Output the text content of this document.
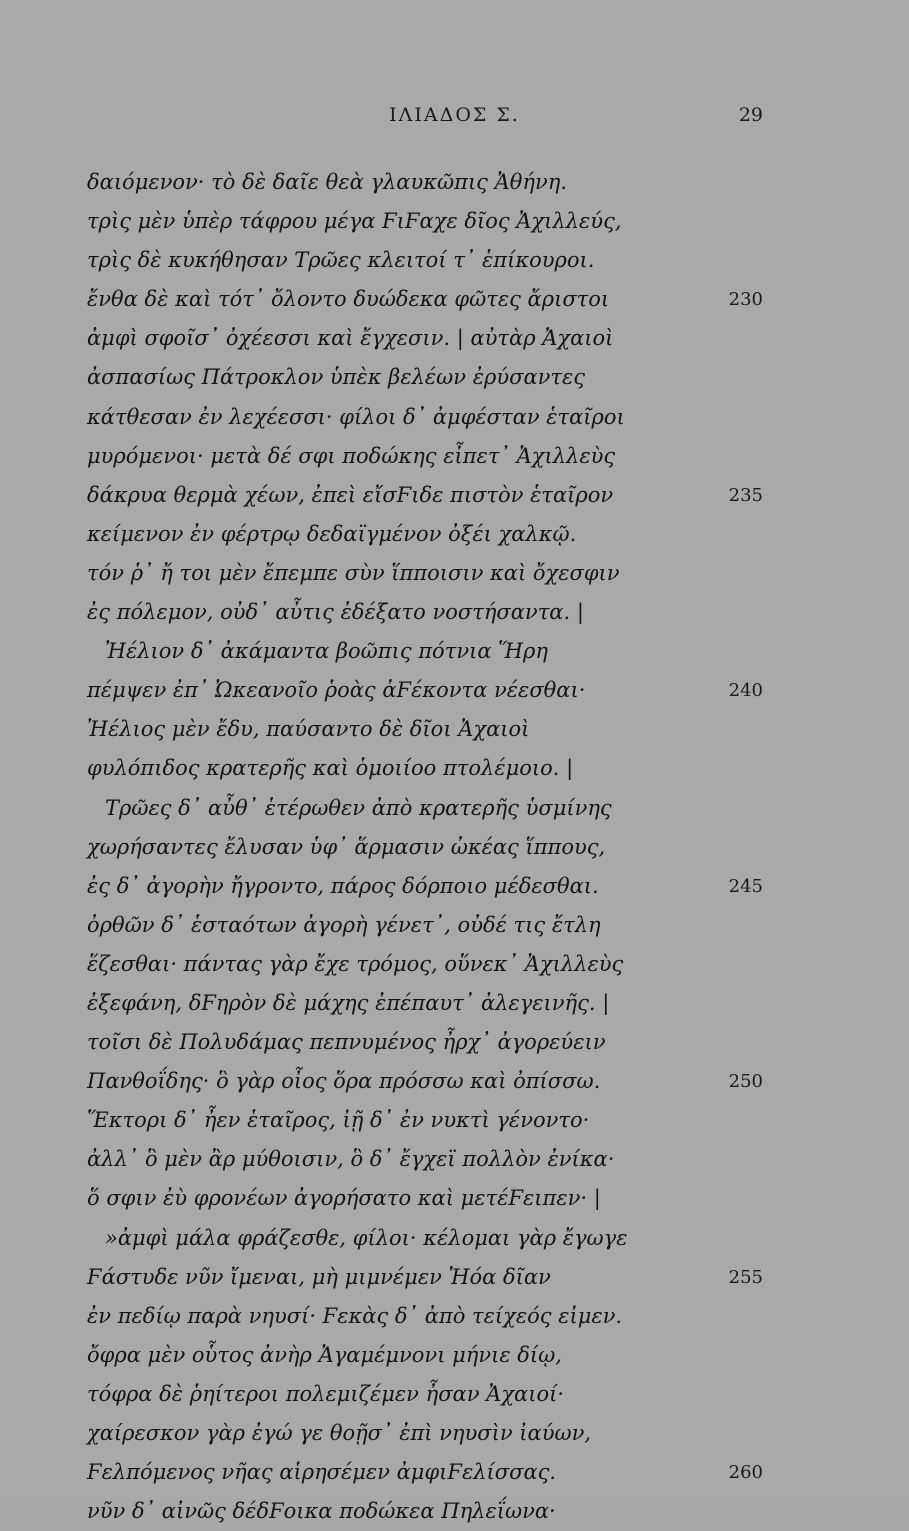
ΙΛΙΑΔΟΣ Σ.	29
δαιόμενον· τὸ δὲ δαῖε θεὰ γλαυκῶπις Ἀθήνη.
τρὶς μὲν ὑπὲρ τάφρου μέγα ϜιϜαχε δῖος Ἀχιλλεύς,
τρὶς δὲ κυκήθησαν Τρῶες κλειτοί τ᾽ ἐπίκουροι.
ἔνθα δὲ καὶ τότ᾽ ὄλοντο δυώδεκα φῶτες ἄριστοι	230
ἀμφὶ σφοῖσ᾽ ὀχέεσσι καὶ ἔγχεσιν. | αὐτὰρ Ἀχαιοὶ
ἀσπασίως Πάτροκλον ὑπὲκ βελέων ἐρύσαντες
κάτθεσαν ἐν λεχέεσσι· φίλοι δ᾽ ἀμφέσταν ἑταῖροι
μυρόμενοι· μετὰ δέ σφι ποδώκης εἶπετ᾽ Ἀχιλλεὺς
δάκρυα θερμὰ χέων, ἐπεὶ εἴσϜιδε πιστὸν ἑταῖρον	235
κείμενον ἐν φέρτρῳ δεδαϊγμένον ὀξέι χαλκῷ.
τόν ῥ᾽ ἤ τοι μὲν ἔπεμπε σὺν ἵπποισιν καὶ ὄχεσφιν
ἐς πόλεμον, οὐδ᾽ αὖτις ἐδέξατο νοστήσαντα. |
Ἠέλιον δ᾽ ἀκάμαντα βοῶπις πότνια Ἥρη
πέμψεν ἐπ᾽ Ὠκεανοῖο ῥοὰς ἀϜέκοντα νέεσθαι·	240
Ἠέλιος μὲν ἔδυ, παύσαντο δὲ δῖοι Ἀχαιοὶ
φυλόπιδος κρατερῆς καὶ ὁμοιίοο πτολέμοιο. |
Τρῶες δ᾽ αὖθ᾽ ἑτέρωθεν ἀπὸ κρατερῆς ὑσμίνης
χωρήσαντες ἔλυσαν ὑφ᾽ ἅρμασιν ὠκέας ἵππους,
ἐς δ᾽ ἀγορὴν ἤγροντο, πάρος δόρποιο μέδεσθαι.	245
ὀρθῶν δ᾽ ἑσταότων ἀγορὴ γένετ᾽, οὐδέ τις ἔτλη
ἕζεσθαι· πάντας γὰρ ἔχε τρόμος, οὕνεκ᾽ Ἀχιλλεὺς
ἐξεφάνη, δϜηρὸν δὲ μάχης ἐπέπαυτ᾽ ἀλεγεινῆς. |
τοῖσι δὲ Πολυδάμας πεπνυμένος ἦρχ᾽ ἀγορεύειν
Πανθοΐδης· ὃ γὰρ οἶος ὅρα πρόσσω καὶ ὀπίσσω.	250
Ἕκτορι δ᾽ ἦεν ἑταῖρος, ἰῇ δ᾽ ἐν νυκτὶ γένοντο·
ἀλλ᾽ ὃ μὲν ἂρ μύθοισιν, ὃ δ᾽ ἔγχεϊ πολλὸν ἐνίκα·
ὅ σφιν ἐὺ φρονέων ἀγορήσατο καὶ μετέϜειπεν· |
»ἀμφὶ μάλα φράζεσθε, φίλοι· κέλομαι γὰρ ἔγωγε
Ϝάστυδε νῦν ἴμεναι, μὴ μιμνέμεν Ἠόα δῖαν	255
ἐν πεδίῳ παρὰ νηυσί· Ϝεκὰς δ᾽ ἀπὸ τείχεός εἰμεν.
ὄφρα μὲν οὗτος ἀνὴρ Ἀγαμέμνονι μήνιε δίῳ,
τόφρα δὲ ῥηίτεροι πολεμιζέμεν ἦσαν Ἀχαιοί·
χαίρεσκον γὰρ ἐγώ γε θοῇσ᾽ ἐπὶ νηυσὶν ἰαύων,
Ϝελπόμενος νῆας αἱρησέμεν ἀμφιϜελίσσας.	260
νῦν δ᾽ αἰνῶς δέδϜοικα ποδώκεα Πηλεΐωνα·
